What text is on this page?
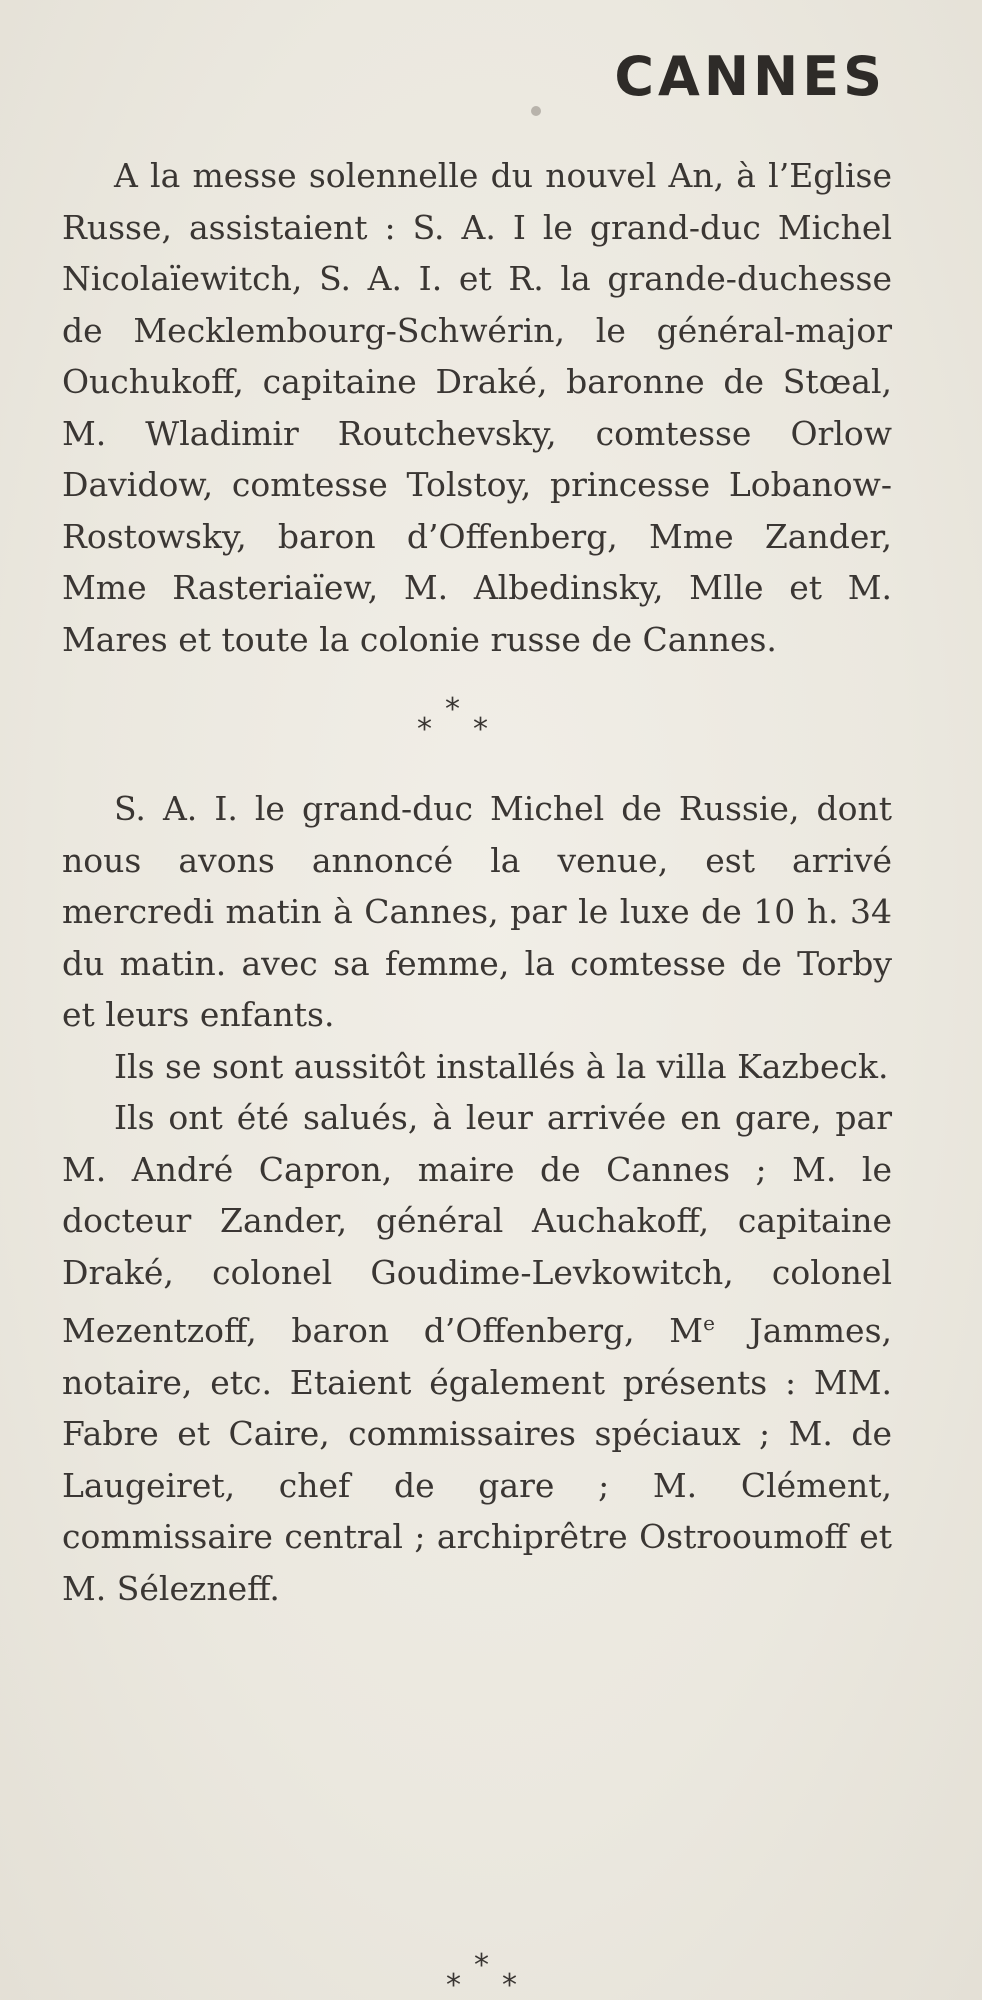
CANNES

A la messe solennelle du nouvel An, à l’Eglise Russe, assistaient : S. A. I le grand-duc Michel Nicolaïewitch, S. A. I. et R. la grande-duchesse de Mecklembourg-Schwérin, le général-major Ouchukoff, capitaine Draké, baronne de Stœal, M. Wladimir Routchevsky, comtesse Orlow Davidow, comtesse Tolstoy, princesse Lobanow-Rostowsky, baron d’Offenberg, Mme Zander, Mme Rasteriaïew, M. Albedinsky, Mlle et M. Mares et toute la colonie russe de Cannes.

*
* *

S. A. I. le grand-duc Michel de Russie, dont nous avons annoncé la venue, est arrivé mercredi matin à Cannes, par le luxe de 10 h. 34 du matin. avec sa femme, la comtesse de Torby et leurs enfants.

Ils se sont aussitôt installés à la villa Kazbeck.

Ils ont été salués, à leur arrivée en gare, par M. André Capron, maire de Cannes ; M. le docteur Zander, général Auchakoff, capitaine Draké, colonel Goudime-Levkowitch, colonel Mezentzoff, baron d’Offenberg, Me Jammes, notaire, etc. Etaient également présents : MM. Fabre et Caire, commissaires spéciaux ; M. de Laugeiret, chef de gare ; M. Clément, commissaire central ; archiprêtre Ostrooumoff et M. Sélezneff.

*
* *
